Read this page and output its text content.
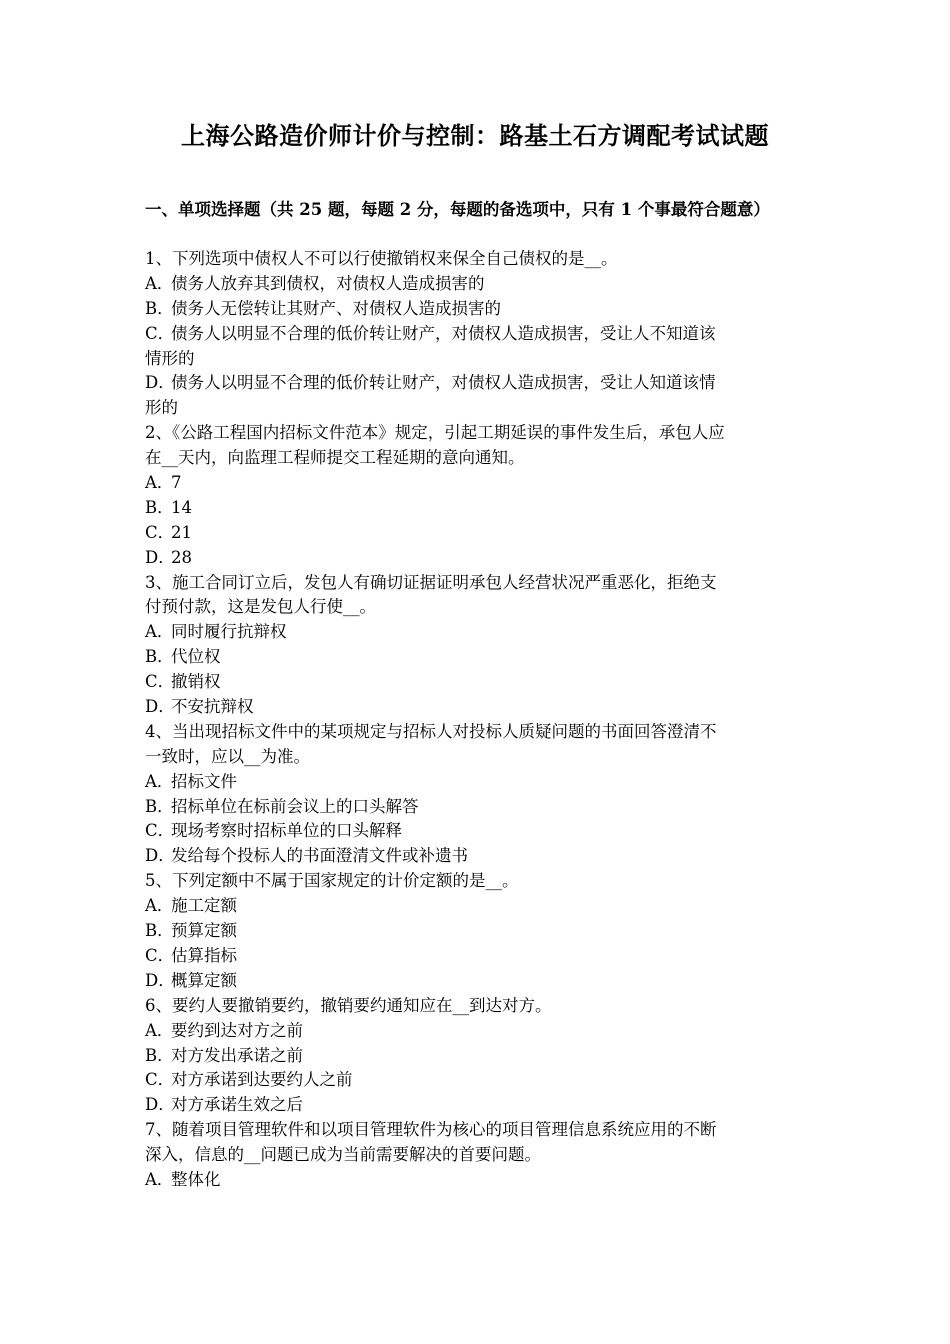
上海公路造价师计价与控制：路基土石方调配考试试题
一、单项选择题（共 25 题，每题 2 分，每题的备选项中，只有 1 个事最符合题意）
1、下列选项中债权人不可以行使撤销权来保全自己债权的是__。
A．债务人放弃其到债权，对债权人造成损害的
B．债务人无偿转让其财产、对债权人造成损害的
C．债务人以明显不合理的低价转让财产，对债权人造成损害，受让人不知道该
情形的
D．债务人以明显不合理的低价转让财产，对债权人造成损害，受让人知道该情
形的
2、《公路工程国内招标文件范本》规定，引起工期延误的事件发生后，承包人应
在__天内，向监理工程师提交工程延期的意向通知。
A．7
B．14
C．21
D．28
3、施工合同订立后，发包人有确切证据证明承包人经营状况严重恶化，拒绝支
付预付款，这是发包人行使__。
A．同时履行抗辩权
B．代位权
C．撤销权
D．不安抗辩权
4、当出现招标文件中的某项规定与招标人对投标人质疑问题的书面回答澄清不
一致时，应以__为准。
A．招标文件
B．招标单位在标前会议上的口头解答
C．现场考察时招标单位的口头解释
D．发给每个投标人的书面澄清文件或补遗书
5、下列定额中不属于国家规定的计价定额的是__。
A．施工定额
B．预算定额
C．估算指标
D．概算定额
6、要约人要撤销要约，撤销要约通知应在__到达对方。
A．要约到达对方之前
B．对方发出承诺之前
C．对方承诺到达要约人之前
D．对方承诺生效之后
7、随着项目管理软件和以项目管理软件为核心的项目管理信息系统应用的不断
深入，信息的__问题已成为当前需要解决的首要问题。
A．整体化
